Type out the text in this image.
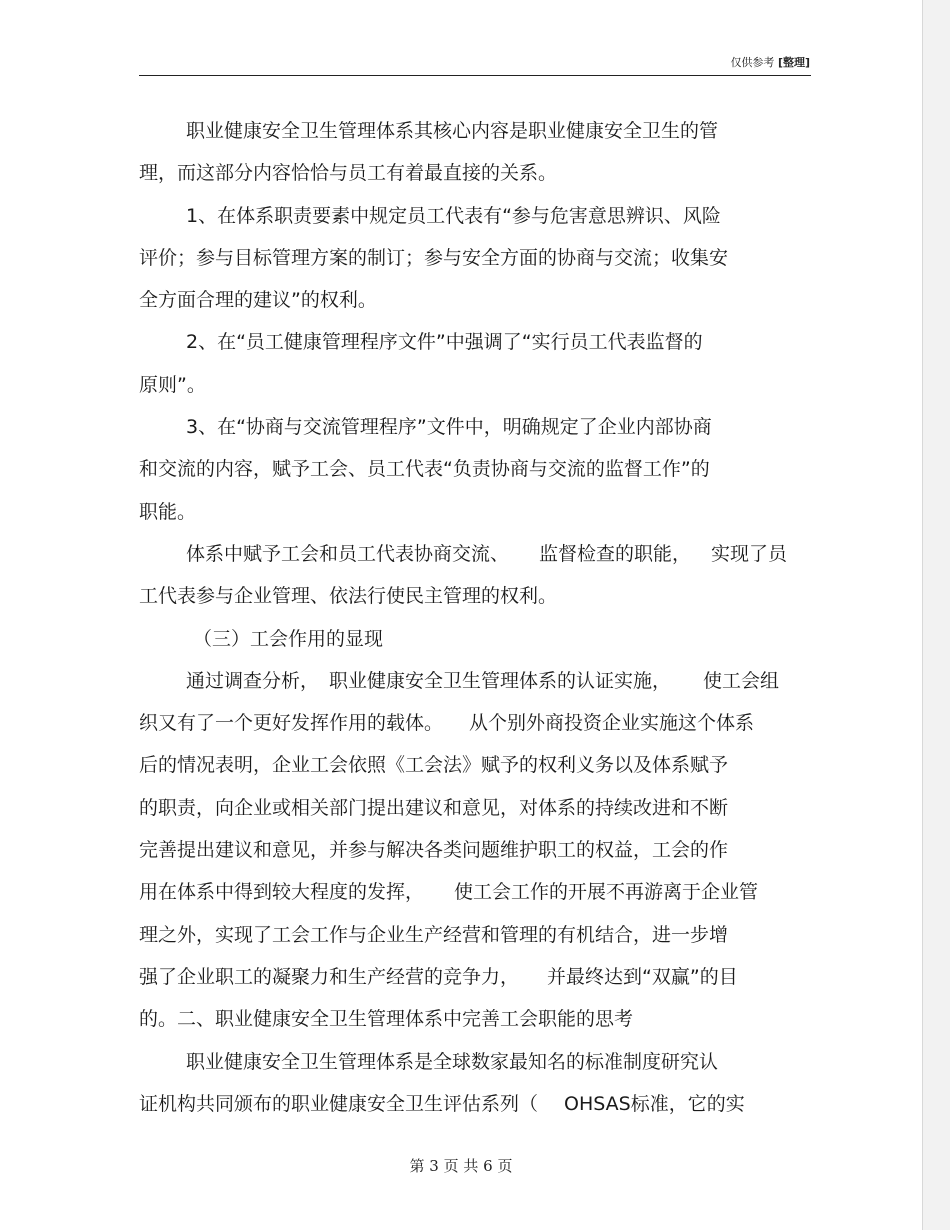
仅供参考 [整理]
职业健康安全卫生管理体系其核心内容是职业健康安全卫生的管
理，而这部分内容恰恰与员工有着最直接的关系。
1、在体系职责要素中规定员工代表有“参与危害意思辨识、风险
评价；参与目标管理方案的制订；参与安全方面的协商与交流；收集安
全方面合理的建议”的权利。
2、在“员工健康管理程序文件”中强调了“实行员工代表监督的
原则”。
3、在“协商与交流管理程序”文件中，明确规定了企业内部协商
和交流的内容，赋予工会、员工代表“负责协商与交流的监督工作”的
职能。
体系中赋予工会和员工代表协商交流、 监督检查的职能， 实现了员
工代表参与企业管理、依法行使民主管理的权利。
（三）工会作用的显现
通过调查分析， 职业健康安全卫生管理体系的认证实施， 使工会组
织又有了一个更好发挥作用的载体。 从个别外商投资企业实施这个体系
后的情况表明，企业工会依照《工会法》赋予的权利义务以及体系赋予
的职责，向企业或相关部门提出建议和意见，对体系的持续改进和不断
完善提出建议和意见，并参与解决各类问题维护职工的权益，工会的作
用在体系中得到较大程度的发挥， 使工会工作的开展不再游离于企业管
理之外，实现了工会工作与企业生产经营和管理的有机结合，进一步增
强了企业职工的凝聚力和生产经营的竞争力， 并最终达到“双赢”的目
的。二、职业健康安全卫生管理体系中完善工会职能的思考
职业健康安全卫生管理体系是全球数家最知名的标准制度研究认
证机构共同颁布的职业健康安全卫生评估系列（ OHSAS标准，它的实
第 3 页 共 6 页
